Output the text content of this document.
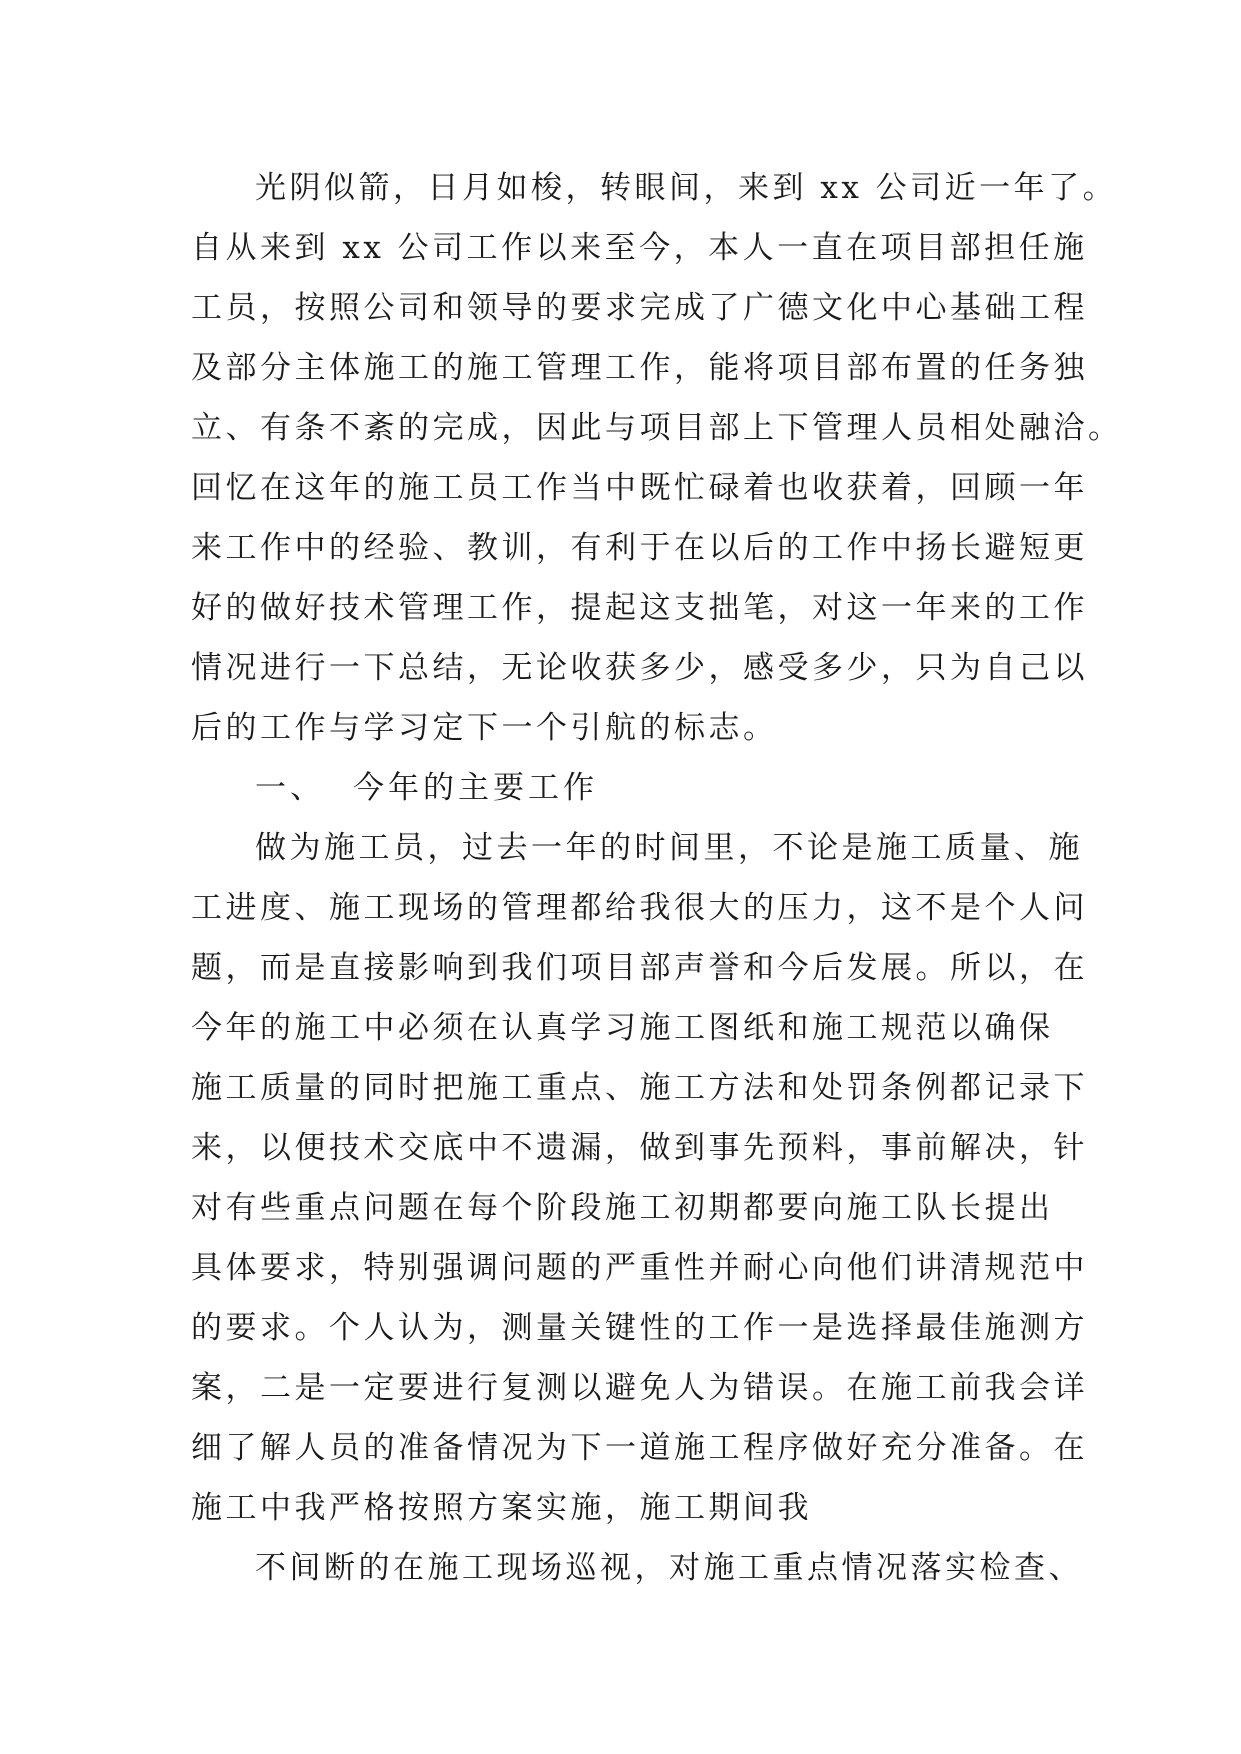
光阴似箭，日月如梭，转眼间，来到 xx 公司近一年了。
自从来到 xx 公司工作以来至今，本人一直在项目部担任施
工员，按照公司和领导的要求完成了广德文化中心基础工程
及部分主体施工的施工管理工作，能将项目部布置的任务独
立、有条不紊的完成，因此与项目部上下管理人员相处融洽。
回忆在这年的施工员工作当中既忙碌着也收获着，回顾一年
来工作中的经验、教训，有利于在以后的工作中扬长避短更
好的做好技术管理工作，提起这支拙笔，对这一年来的工作
情况进行一下总结，无论收获多少，感受多少，只为自己以
后的工作与学习定下一个引航的标志。
一、 今年的主要工作
做为施工员，过去一年的时间里，不论是施工质量、施
工进度、施工现场的管理都给我很大的压力，这不是个人问
题，而是直接影响到我们项目部声誉和今后发展。所以，在
今年的施工中必须在认真学习施工图纸和施工规范以确保
施工质量的同时把施工重点、施工方法和处罚条例都记录下
来，以便技术交底中不遗漏，做到事先预料，事前解决，针
对有些重点问题在每个阶段施工初期都要向施工队长提出
具体要求，特别强调问题的严重性并耐心向他们讲清规范中
的要求。个人认为，测量关键性的工作一是选择最佳施测方
案，二是一定要进行复测以避免人为错误。在施工前我会详
细了解人员的准备情况为下一道施工程序做好充分准备。在
施工中我严格按照方案实施，施工期间我
不间断的在施工现场巡视，对施工重点情况落实检查、
